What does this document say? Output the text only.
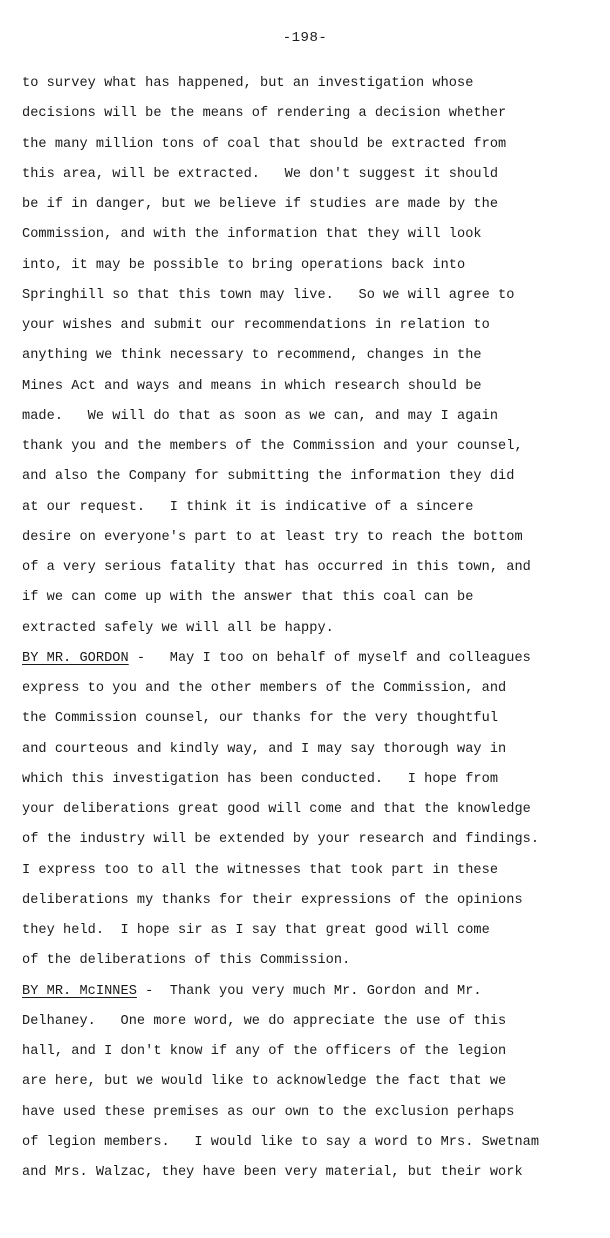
-198-
to survey what has happened, but an investigation whose
decisions will be the means of rendering a decision whether
the many million tons of coal that should be extracted from
this area, will be extracted.   We don't suggest it should
be if in danger, but we believe if studies are made by the
Commission, and with the information that they will look
into, it may be possible to bring operations back into
Springhill so that this town may live.   So we will agree to
your wishes and submit our recommendations in relation to
anything we think necessary to recommend, changes in the
Mines Act and ways and means in which research should be
made.   We will do that as soon as we can, and may I again
thank you and the members of the Commission and your counsel,
and also the Company for submitting the information they did
at our request.   I think it is indicative of a sincere
desire on everyone's part to at least try to reach the bottom
of a very serious fatality that has occurred in this town, and
if we can come up with the answer that this coal can be
extracted safely we will all be happy.
BY MR. GORDON -   May I too on behalf of myself and colleagues
express to you and the other members of the Commission, and
the Commission counsel, our thanks for the very thoughtful
and courteous and kindly way, and I may say thorough way in
which this investigation has been conducted.   I hope from
your deliberations great good will come and that the knowledge
of the industry will be extended by your research and findings.
I express too to all the witnesses that took part in these
deliberations my thanks for their expressions of the opinions
they held.  I hope sir as I say that great good will come
of the deliberations of this Commission.
BY MR. McINNES -  Thank you very much Mr. Gordon and Mr.
Delhaney.   One more word, we do appreciate the use of this
hall, and I don't know if any of the officers of the legion
are here, but we would like to acknowledge the fact that we
have used these premises as our own to the exclusion perhaps
of legion members.   I would like to say a word to Mrs. Swetnam
and Mrs. Walzac, they have been very material, but their work
